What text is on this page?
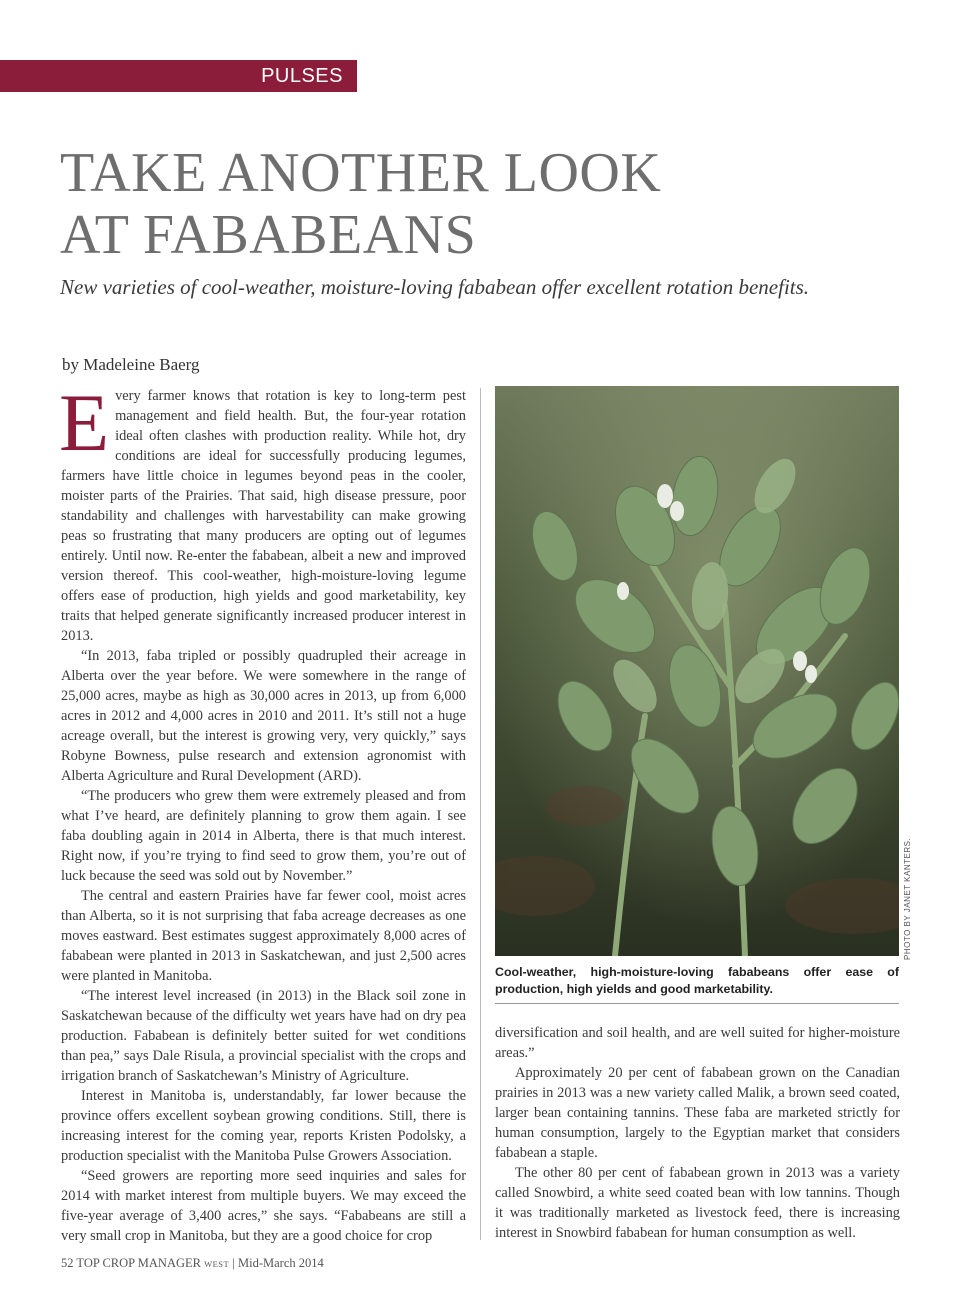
PULSES
TAKE ANOTHER LOOK
AT FABABEANS

New varieties of cool-weather, moisture-loving fababean offer excellent rotation benefits.

by Madeleine Baerg

Every farmer knows that rotation is key to long-term pest management and field health. But, the four-year rotation ideal often clashes with production reality. While hot, dry conditions are ideal for successfully producing legumes, farmers have little choice in legumes beyond peas in the cooler, moister parts of the Prairies. That said, high disease pressure, poor standability and challenges with harvestability can make growing peas so frustrating that many producers are opting out of legumes entirely. Until now. Re-enter the fababean, albeit a new and improved version thereof. This cool-weather, high-moisture-loving legume offers ease of production, high yields and good marketability, key traits that helped generate significantly increased producer interest in 2013.

“In 2013, faba tripled or possibly quadrupled their acreage in Alberta over the year before. We were somewhere in the range of 25,000 acres, maybe as high as 30,000 acres in 2013, up from 6,000 acres in 2012 and 4,000 acres in 2010 and 2011. It’s still not a huge acreage overall, but the interest is growing very, very quickly,” says Robyne Bowness, pulse research and extension agronomist with Alberta Agriculture and Rural Development (ARD).

“The producers who grew them were extremely pleased and from what I’ve heard, are definitely planning to grow them again. I see faba doubling again in 2014 in Alberta, there is that much interest. Right now, if you’re trying to find seed to grow them, you’re out of luck because the seed was sold out by November.”

The central and eastern Prairies have far fewer cool, moist acres than Alberta, so it is not surprising that faba acreage decreases as one moves eastward. Best estimates suggest approximately 8,000 acres of fababean were planted in 2013 in Saskatchewan, and just 2,500 acres were planted in Manitoba.

“The interest level increased (in 2013) in the Black soil zone in Saskatchewan because of the difficulty wet years have had on dry pea production. Fababean is definitely better suited for wet conditions than pea,” says Dale Risula, a provincial specialist with the crops and irrigation branch of Saskatchewan’s Ministry of Agriculture.

Interest in Manitoba is, understandably, far lower because the province offers excellent soybean growing conditions. Still, there is increasing interest for the coming year, reports Kristen Podolsky, a production specialist with the Manitoba Pulse Growers Association.

“Seed growers are reporting more seed inquiries and sales for 2014 with market interest from multiple buyers. We may exceed the five-year average of 3,400 acres,” she says. “Fababeans are still a very small crop in Manitoba, but they are a good choice for crop

PHOTO BY JANET KANTERS.
Cool-weather, high-moisture-loving fababeans offer ease of production, high yields and good marketability.

diversification and soil health, and are well suited for higher-moisture areas.”

Approximately 20 per cent of fababean grown on the Canadian prairies in 2013 was a new variety called Malik, a brown seed coated, larger bean containing tannins. These faba are marketed strictly for human consumption, largely to the Egyptian market that considers fababean a staple.

The other 80 per cent of fababean grown in 2013 was a variety called Snowbird, a white seed coated bean with low tannins. Though it was traditionally marketed as livestock feed, there is increasing interest in Snowbird fababean for human consumption as well.

52 TOP CROP MANAGER WEST | Mid-March 2014
